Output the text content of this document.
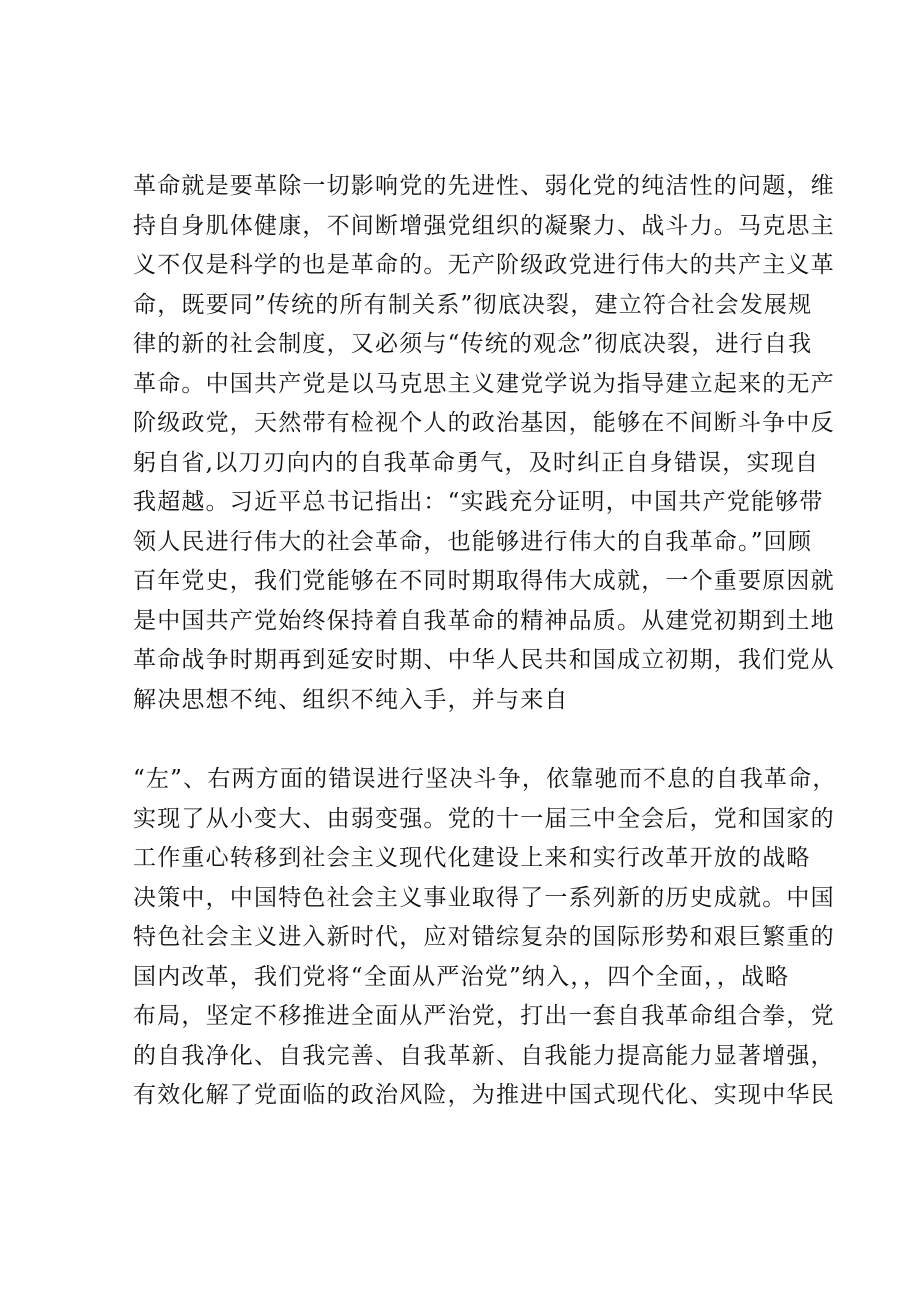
革命就是要革除一切影响党的先进性、弱化党的纯洁性的问题，维
持自身肌体健康，不间断增强党组织的凝聚力、战斗力。马克思主
义不仅是科学的也是革命的。无产阶级政党进行伟大的共产主义革
命，既要同”传统的所有制关系”彻底决裂，建立符合社会发展规
律的新的社会制度，又必须与“传统的观念”彻底决裂，进行自我
革命。中国共产党是以马克思主义建党学说为指导建立起来的无产
阶级政党，天然带有检视个人的政治基因，能够在不间断斗争中反
躬自省,以刀刃向内的自我革命勇气，及时纠正自身错误，实现自
我超越。习近平总书记指出：“实践充分证明，中国共产党能够带
领人民进行伟大的社会革命，也能够进行伟大的自我革命。”回顾
百年党史，我们党能够在不同时期取得伟大成就，一个重要原因就
是中国共产党始终保持着自我革命的精神品质。从建党初期到土地
革命战争时期再到延安时期、中华人民共和国成立初期，我们党从
解决思想不纯、组织不纯入手，并与来自
“左”、右两方面的错误进行坚决斗争，依靠驰而不息的自我革命，
实现了从小变大、由弱变强。党的十一届三中全会后，党和国家的
工作重心转移到社会主义现代化建设上来和实行改革开放的战略
决策中，中国特色社会主义事业取得了一系列新的历史成就。中国
特色社会主义进入新时代，应对错综复杂的国际形势和艰巨繁重的
国内改革，我们党将“全面从严治党”纳入，，四个全面，，战略
布局，坚定不移推进全面从严治党，打出一套自我革命组合拳，党
的自我净化、自我完善、自我革新、自我能力提高能力显著增强，
有效化解了党面临的政治风险，为推进中国式现代化、实现中华民
